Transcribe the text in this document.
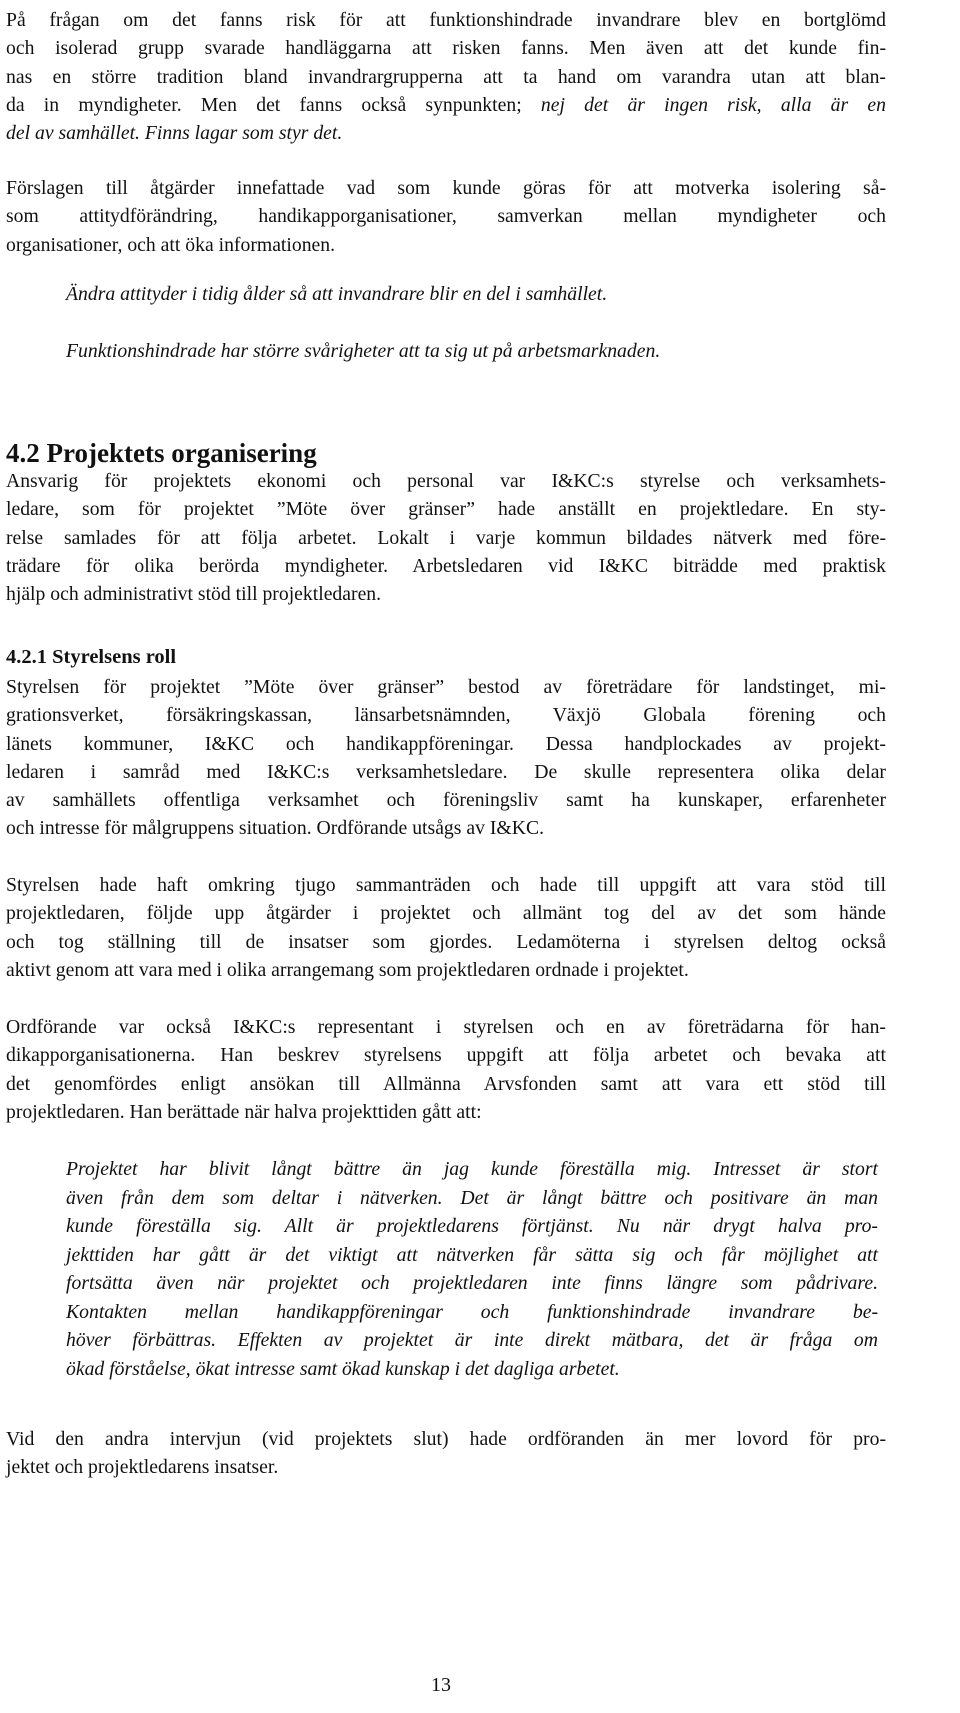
På frågan om det fanns risk för att funktionshindrade invandrare blev en bortglömd
och isolerad grupp svarade handläggarna att risken fanns. Men även att det kunde fin-
nas en större tradition bland invandrargrupperna att ta hand om varandra utan att blan-
da in myndigheter. Men det fanns också synpunkten; nej det är ingen risk, alla är en
del av samhället. Finns lagar som styr det.
Förslagen till åtgärder innefattade vad som kunde göras för att motverka isolering så-
som attitydförändring, handikapporganisationer, samverkan mellan myndigheter och
organisationer, och att öka informationen.

Ändra attityder i tidig ålder så att invandrare blir en del i samhället.

Funktionshindrade har större svårigheter att ta sig ut på arbetsmarknaden.

4.2 Projektets organisering
Ansvarig för projektets ekonomi och personal var I&KC:s styrelse och verksamhets-
ledare, som för projektet ”Möte över gränser” hade anställt en projektledare. En sty-
relse samlades för att följa arbetet. Lokalt i varje kommun bildades nätverk med före-
trädare för olika berörda myndigheter. Arbetsledaren vid I&KC biträdde med praktisk
hjälp och administrativt stöd till projektledaren.
4.2.1 Styrelsens roll
Styrelsen för projektet ”Möte över gränser” bestod av företrädare för landstinget, mi-
grationsverket, försäkringskassan, länsarbetsnämnden, Växjö Globala förening och
länets kommuner, I&KC och handikappföreningar. Dessa handplockades av projekt-
ledaren i samråd med I&KC:s verksamhetsledare. De skulle representera olika delar
av samhällets offentliga verksamhet och föreningsliv samt ha kunskaper, erfarenheter
och intresse för målgruppens situation. Ordförande utsågs av I&KC.
Styrelsen hade haft omkring tjugo sammanträden och hade till uppgift att vara stöd till
projektledaren, följde upp åtgärder i projektet och allmänt tog del av det som hände
och tog ställning till de insatser som gjordes. Ledamöterna i styrelsen deltog också
aktivt genom att vara med i olika arrangemang som projektledaren ordnade i projektet.
Ordförande var också I&KC:s representant i styrelsen och en av företrädarna för han-
dikapporganisationerna. Han beskrev styrelsens uppgift att följa arbetet och bevaka att
det genomfördes enligt ansökan till Allmänna Arvsfonden samt att vara ett stöd till
projektledaren. Han berättade när halva projekttiden gått att:
Projektet har blivit långt bättre än jag kunde föreställa mig. Intresset är stort
även från dem som deltar i nätverken. Det är långt bättre och positivare än man
kunde föreställa sig. Allt är projektledarens förtjänst. Nu när drygt halva pro-
jekttiden har gått är det viktigt att nätverken får sätta sig och får möjlighet att
fortsätta även när projektet och projektledaren inte finns längre som pådrivare.
Kontakten mellan handikappföreningar och funktionshindrade invandrare be-
höver förbättras. Effekten av projektet är inte direkt mätbara, det är fråga om
ökad förståelse, ökat intresse samt ökad kunskap i det dagliga arbetet.
Vid den andra intervjun (vid projektets slut) hade ordföranden än mer lovord för pro-
jektet och projektledarens insatser.
13
